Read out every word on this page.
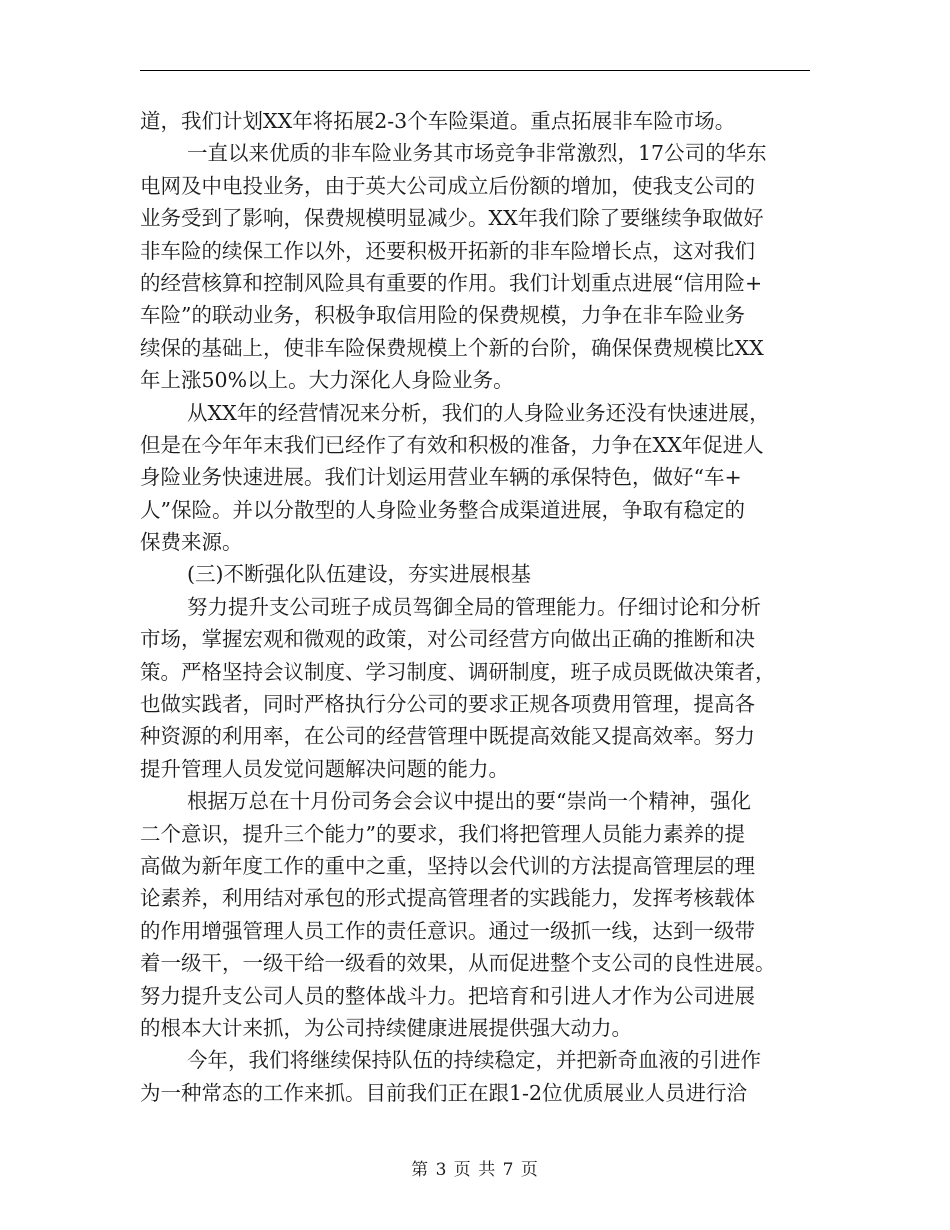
道，我们计划XX年将拓展2-3个车险渠道。重点拓展非车险市场。
一直以来优质的非车险业务其市场竞争非常激烈，17公司的华东
电网及中电投业务，由于英大公司成立后份额的增加，使我支公司的
业务受到了影响，保费规模明显减少。XX年我们除了要继续争取做好
非车险的续保工作以外，还要积极开拓新的非车险增长点，这对我们
的经营核算和控制风险具有重要的作用。我们计划重点进展“信用险+
车险”的联动业务，积极争取信用险的保费规模，力争在非车险业务
续保的基础上，使非车险保费规模上个新的台阶，确保保费规模比XX
年上涨50%以上。大力深化人身险业务。
从XX年的经营情况来分析，我们的人身险业务还没有快速进展，
但是在今年年末我们已经作了有效和积极的准备，力争在XX年促进人
身险业务快速进展。我们计划运用营业车辆的承保特色，做好“车+
人”保险。并以分散型的人身险业务整合成渠道进展，争取有稳定的
保费来源。
(三)不断强化队伍建设，夯实进展根基
努力提升支公司班子成员驾御全局的管理能力。仔细讨论和分析
市场，掌握宏观和微观的政策，对公司经营方向做出正确的推断和决
策。严格坚持会议制度、学习制度、调研制度，班子成员既做决策者，
也做实践者，同时严格执行分公司的要求正规各项费用管理，提高各
种资源的利用率，在公司的经营管理中既提高效能又提高效率。努力
提升管理人员发觉问题解决问题的能力。
根据万总在十月份司务会会议中提出的要“崇尚一个精神，强化
二个意识，提升三个能力”的要求，我们将把管理人员能力素养的提
高做为新年度工作的重中之重，坚持以会代训的方法提高管理层的理
论素养，利用结对承包的形式提高管理者的实践能力，发挥考核载体
的作用增强管理人员工作的责任意识。通过一级抓一线，达到一级带
着一级干，一级干给一级看的效果，从而促进整个支公司的良性进展。
努力提升支公司人员的整体战斗力。把培育和引进人才作为公司进展
的根本大计来抓，为公司持续健康进展提供强大动力。
今年，我们将继续保持队伍的持续稳定，并把新奇血液的引进作
为一种常态的工作来抓。目前我们正在跟1-2位优质展业人员进行洽
第 3 页 共 7 页
